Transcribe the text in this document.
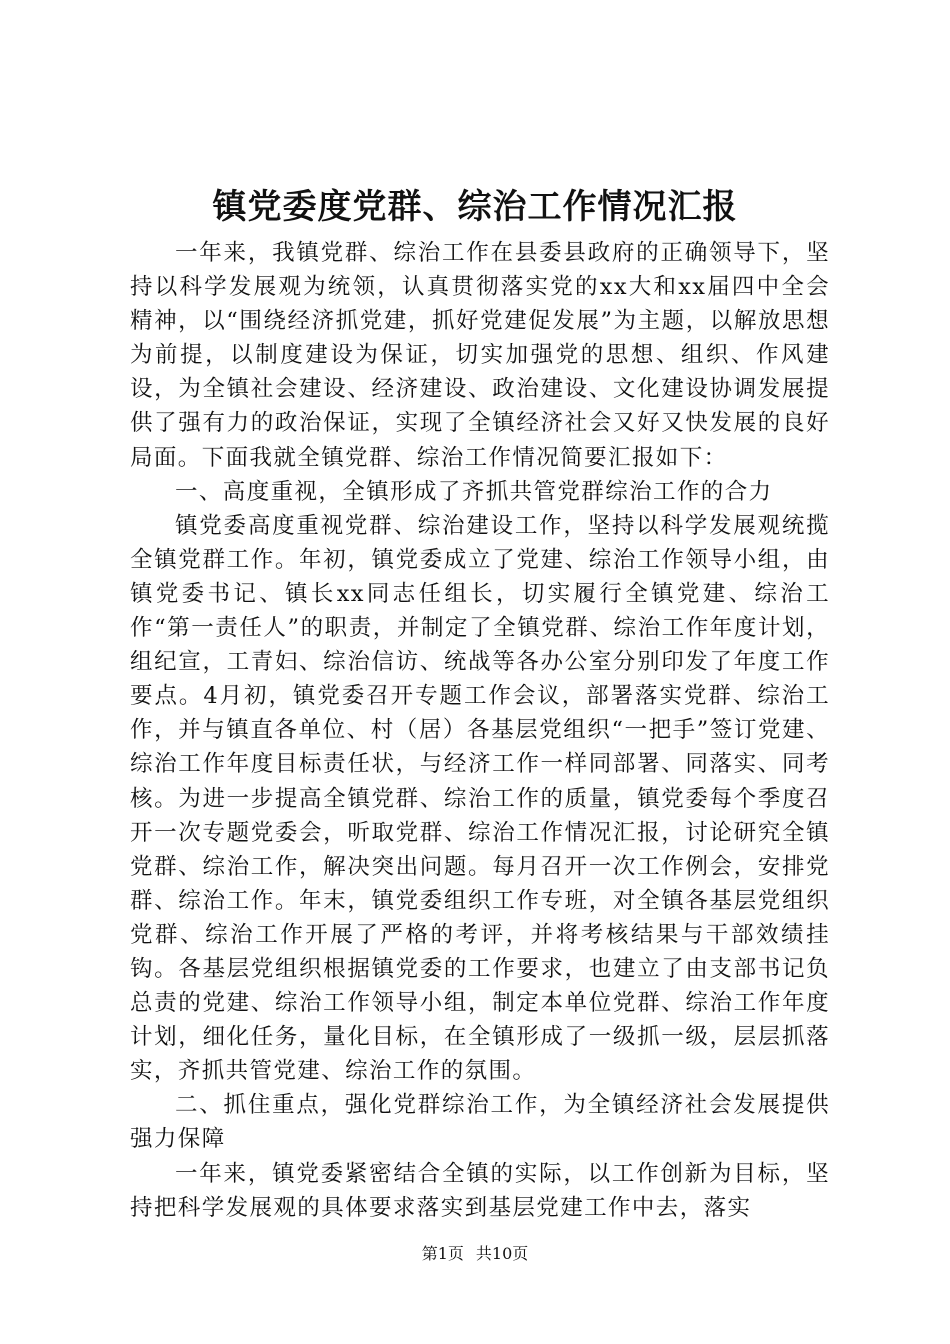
镇党委度党群、综治工作情况汇报

一年来，我镇党群、综治工作在县委县政府的正确领导下，坚持以科学发展观为统领，认真贯彻落实党的xx大和xx届四中全会精神，以“围绕经济抓党建，抓好党建促发展”为主题，以解放思想为前提，以制度建设为保证，切实加强党的思想、组织、作风建设，为全镇社会建设、经济建设、政治建设、文化建设协调发展提供了强有力的政治保证，实现了全镇经济社会又好又快发展的良好局面。下面我就全镇党群、综治工作情况简要汇报如下：

一、高度重视，全镇形成了齐抓共管党群综治工作的合力

镇党委高度重视党群、综治建设工作，坚持以科学发展观统揽全镇党群工作。年初，镇党委成立了党建、综治工作领导小组，由镇党委书记、镇长xx同志任组长，切实履行全镇党建、综治工作“第一责任人”的职责，并制定了全镇党群、综治工作年度计划，组纪宣，工青妇、综治信访、统战等各办公室分别印发了年度工作要点。4月初，镇党委召开专题工作会议，部署落实党群、综治工作，并与镇直各单位、村（居）各基层党组织“一把手”签订党建、综治工作年度目标责任状，与经济工作一样同部署、同落实、同考核。为进一步提高全镇党群、综治工作的质量，镇党委每个季度召开一次专题党委会，听取党群、综治工作情况汇报，讨论研究全镇党群、综治工作，解决突出问题。每月召开一次工作例会，安排党群、综治工作。年末，镇党委组织工作专班，对全镇各基层党组织党群、综治工作开展了严格的考评，并将考核结果与干部效绩挂钩。各基层党组织根据镇党委的工作要求，也建立了由支部书记负总责的党建、综治工作领导小组，制定本单位党群、综治工作年度计划，细化任务，量化目标，在全镇形成了一级抓一级，层层抓落实，齐抓共管党建、综治工作的氛围。

二、抓住重点，强化党群综治工作，为全镇经济社会发展提供强力保障

一年来，镇党委紧密结合全镇的实际，以工作创新为目标，坚持把科学发展观的具体要求落实到基层党建工作中去，落实

第1页 共10页
